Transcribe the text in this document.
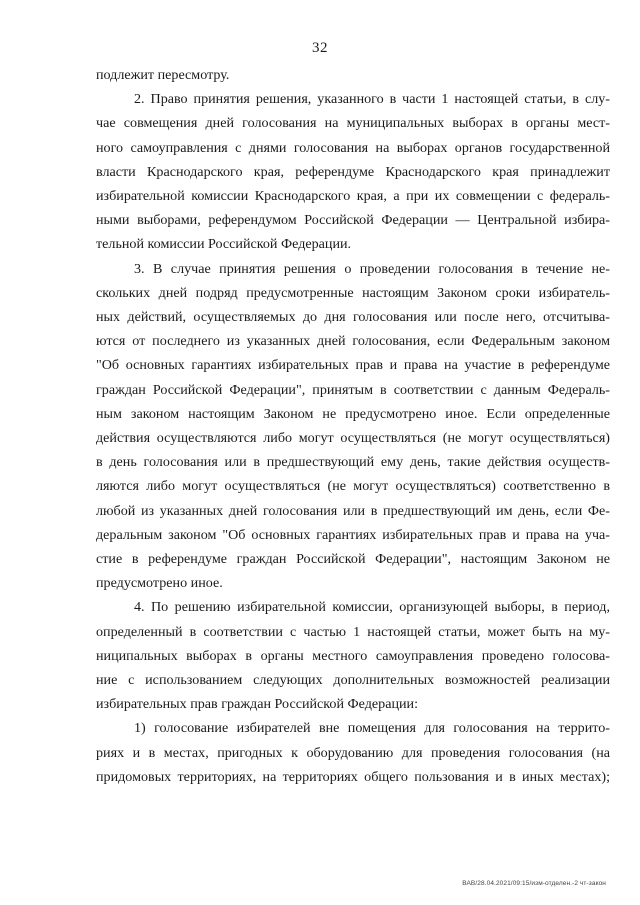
32

подлежит пересмотру.

2. Право принятия решения, указанного в части 1 настоящей статьи, в слу-
чае совмещения дней голосования на муниципальных выборах в органы мест-
ного самоуправления с днями голосования на выборах органов государственной
власти Краснодарского края, референдуме Краснодарского края принадлежит
избирательной комиссии Краснодарского края, а при их совмещении с федераль-
ными выборами, референдумом Российской Федерации — Центральной избира-
тельной комиссии Российской Федерации.

3. В случае принятия решения о проведении голосования в течение не-
скольких дней подряд предусмотренные настоящим Законом сроки избиратель-
ных действий, осуществляемых до дня голосования или после него, отсчитыва-
ются от последнего из указанных дней голосования, если Федеральным законом
"Об основных гарантиях избирательных прав и права на участие в референдуме
граждан Российской Федерации", принятым в соответствии с данным Федераль-
ным законом настоящим Законом не предусмотрено иное. Если определенные
действия осуществляются либо могут осуществляться (не могут осуществляться)
в день голосования или в предшествующий ему день, такие действия осуществ-
ляются либо могут осуществляться (не могут осуществляться) соответственно в
любой из указанных дней голосования или в предшествующий им день, если Фе-
деральным законом "Об основных гарантиях избирательных прав и права на уча-
стие в референдуме граждан Российской Федерации", настоящим Законом не
предусмотрено иное.

4. По решению избирательной комиссии, организующей выборы, в период,
определенный в соответствии с частью 1 настоящей статьи, может быть на му-
ниципальных выборах в органы местного самоуправления проведено голосова-
ние с использованием следующих дополнительных возможностей реализации
избирательных прав граждан Российской Федерации:

1) голосование избирателей вне помещения для голосования на террито-
риях и в местах, пригодных к оборудованию для проведения голосования (на
придомовых территориях, на территориях общего пользования и в иных местах);

ВАВ/28.04.2021/09:15/изм-отделен.-2 чт-закон
